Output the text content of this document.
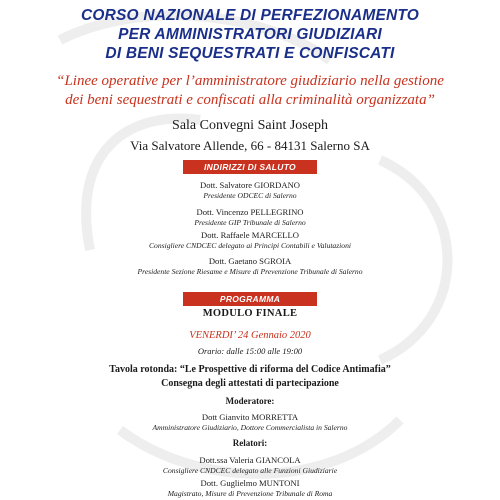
CORSO NAZIONALE DI PERFEZIONAMENTO
PER AMMINISTRATORI GIUDIZIARI
DI BENI SEQUESTRATI E CONFISCATI
“Linee operative per l’amministratore giudiziario nella gestione
dei beni sequestrati e confiscati alla criminalità organizzata”
Sala Convegni Saint Joseph
Via Salvatore Allende, 66 - 84131 Salerno SA
INDIRIZZI DI SALUTO
Dott. Salvatore GIORDANO
Presidente ODCEC di Salerno
Dott. Vincenzo PELLEGRINO
Presidente GIP Tribunale di Salerno
Dott. Raffaele MARCELLO
Consigliere CNDCEC delegato ai Principi Contabili e Valutazioni
Dott. Gaetano SGROIA
Presidente Sezione Riesame e Misure di Prevenzione Tribunale di Salerno
PROGRAMMA
MODULO FINALE
VENERDI’ 24 Gennaio 2020
Orario: dalle 15:00 alle 19:00
Tavola rotonda: “Le Prospettive di riforma del Codice Antimafia”
Consegna degli attestati di partecipazione
Moderatore:
Dott Gianvito MORRETTA
Amministratore Giudiziario, Dottore Commercialista in Salerno
Relatori:
Dott.ssa Valeria GIANCOLA
Consigliere CNDCEC delegato alle Funzioni Giudiziarie
Dott. Guglielmo MUNTONI
Magistrato, Misure di Prevenzione Tribunale di Roma
